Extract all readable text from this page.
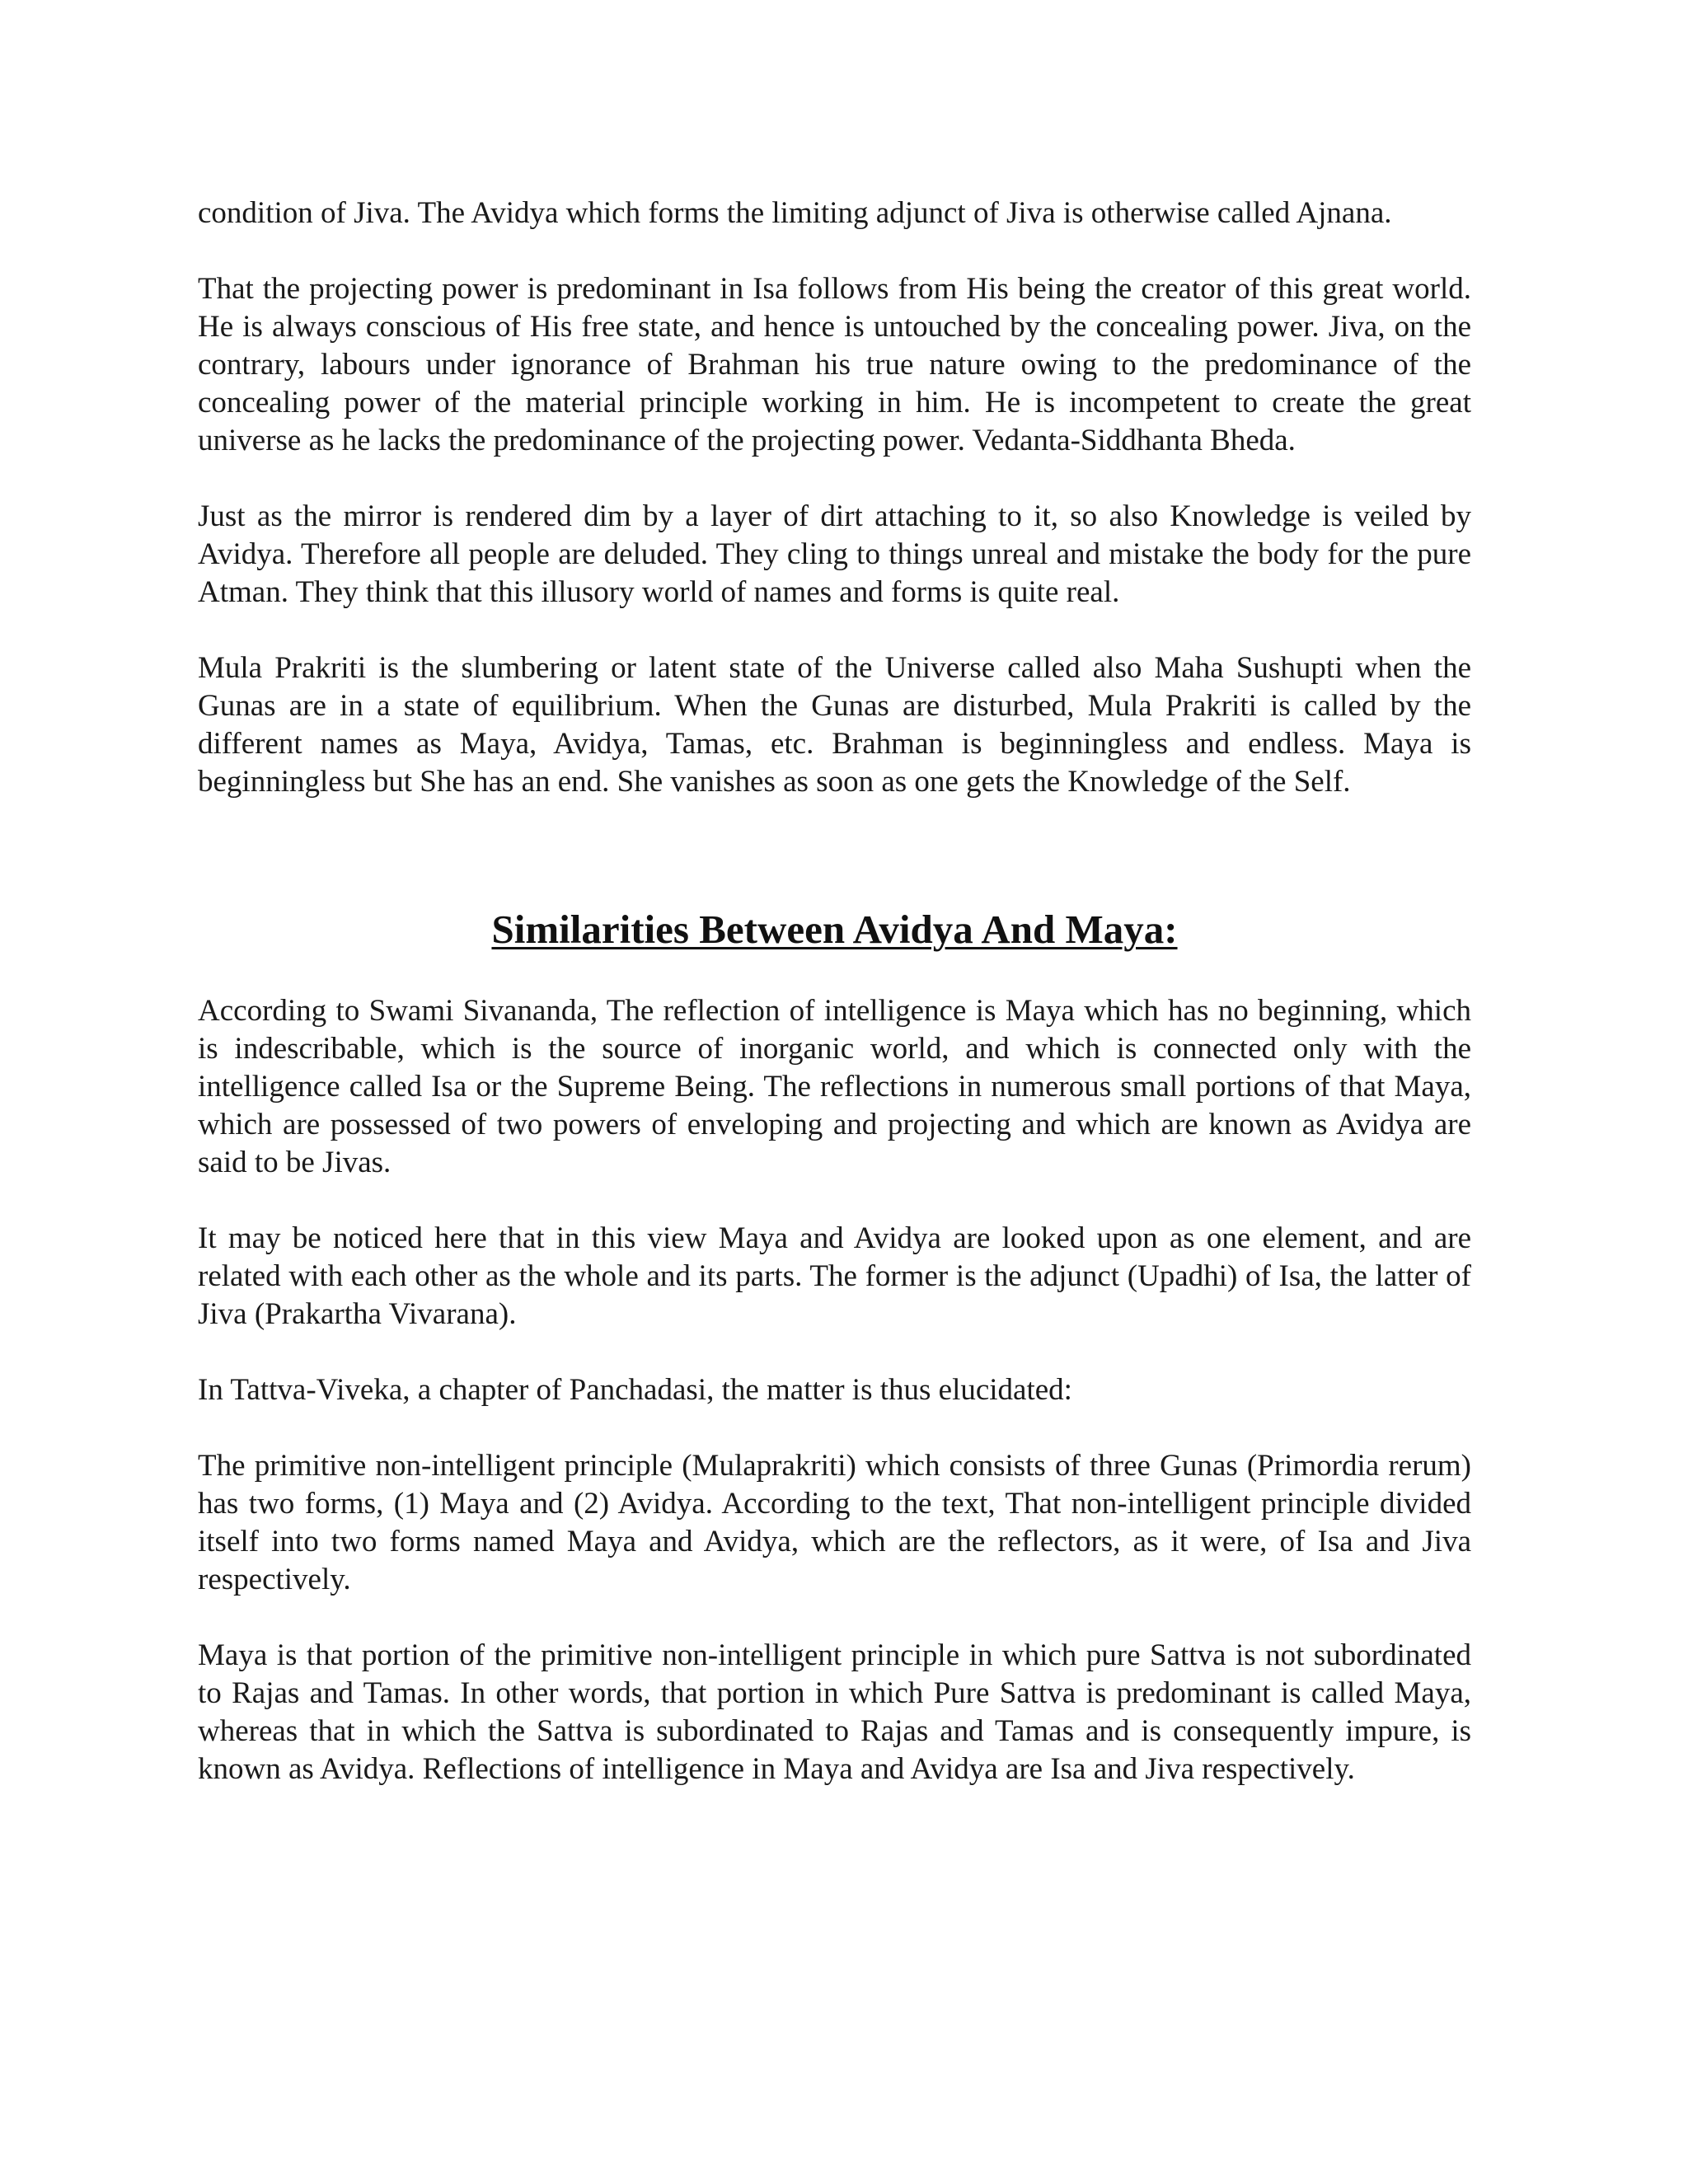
condition of Jiva. The Avidya which forms the limiting adjunct of Jiva is otherwise called Ajnana.

That the projecting power is predominant in Isa follows from His being the creator of this great world. He is always conscious of His free state, and hence is untouched by the concealing power. Jiva, on the contrary, labours under ignorance of Brahman his true nature owing to the predominance of the concealing power of the material principle working in him. He is incompetent to create the great universe as he lacks the predominance of the projecting power. Vedanta-Siddhanta Bheda.

Just as the mirror is rendered dim by a layer of dirt attaching to it, so also Knowledge is veiled by Avidya. Therefore all people are deluded. They cling to things unreal and mistake the body for the pure Atman. They think that this illusory world of names and forms is quite real.

Mula Prakriti is the slumbering or latent state of the Universe called also Maha Sushupti when the Gunas are in a state of equilibrium. When the Gunas are disturbed, Mula Prakriti is called by the different names as Maya, Avidya, Tamas, etc. Brahman is beginningless and endless. Maya is beginningless but She has an end. She vanishes as soon as one gets the Knowledge of the Self.

Similarities Between Avidya And Maya:

According to Swami Sivananda, The reflection of intelligence is Maya which has no beginning, which is indescribable, which is the source of inorganic world, and which is connected only with the intelligence called Isa or the Supreme Being. The reflections in numerous small portions of that Maya, which are possessed of two powers of enveloping and projecting and which are known as Avidya are said to be Jivas.

It may be noticed here that in this view Maya and Avidya are looked upon as one element, and are related with each other as the whole and its parts. The former is the adjunct (Upadhi) of Isa, the latter of Jiva (Prakartha Vivarana).

In Tattva-Viveka, a chapter of Panchadasi, the matter is thus elucidated:

The primitive non-intelligent principle (Mulaprakriti) which consists of three Gunas (Primordia rerum) has two forms, (1) Maya and (2) Avidya. According to the text, That non-intelligent principle divided itself into two forms named Maya and Avidya, which are the reflectors, as it were, of Isa and Jiva respectively.

Maya is that portion of the primitive non-intelligent principle in which pure Sattva is not subordinated to Rajas and Tamas. In other words, that portion in which Pure Sattva is predominant is called Maya, whereas that in which the Sattva is subordinated to Rajas and Tamas and is consequently impure, is known as Avidya. Reflections of intelligence in Maya and Avidya are Isa and Jiva respectively.
